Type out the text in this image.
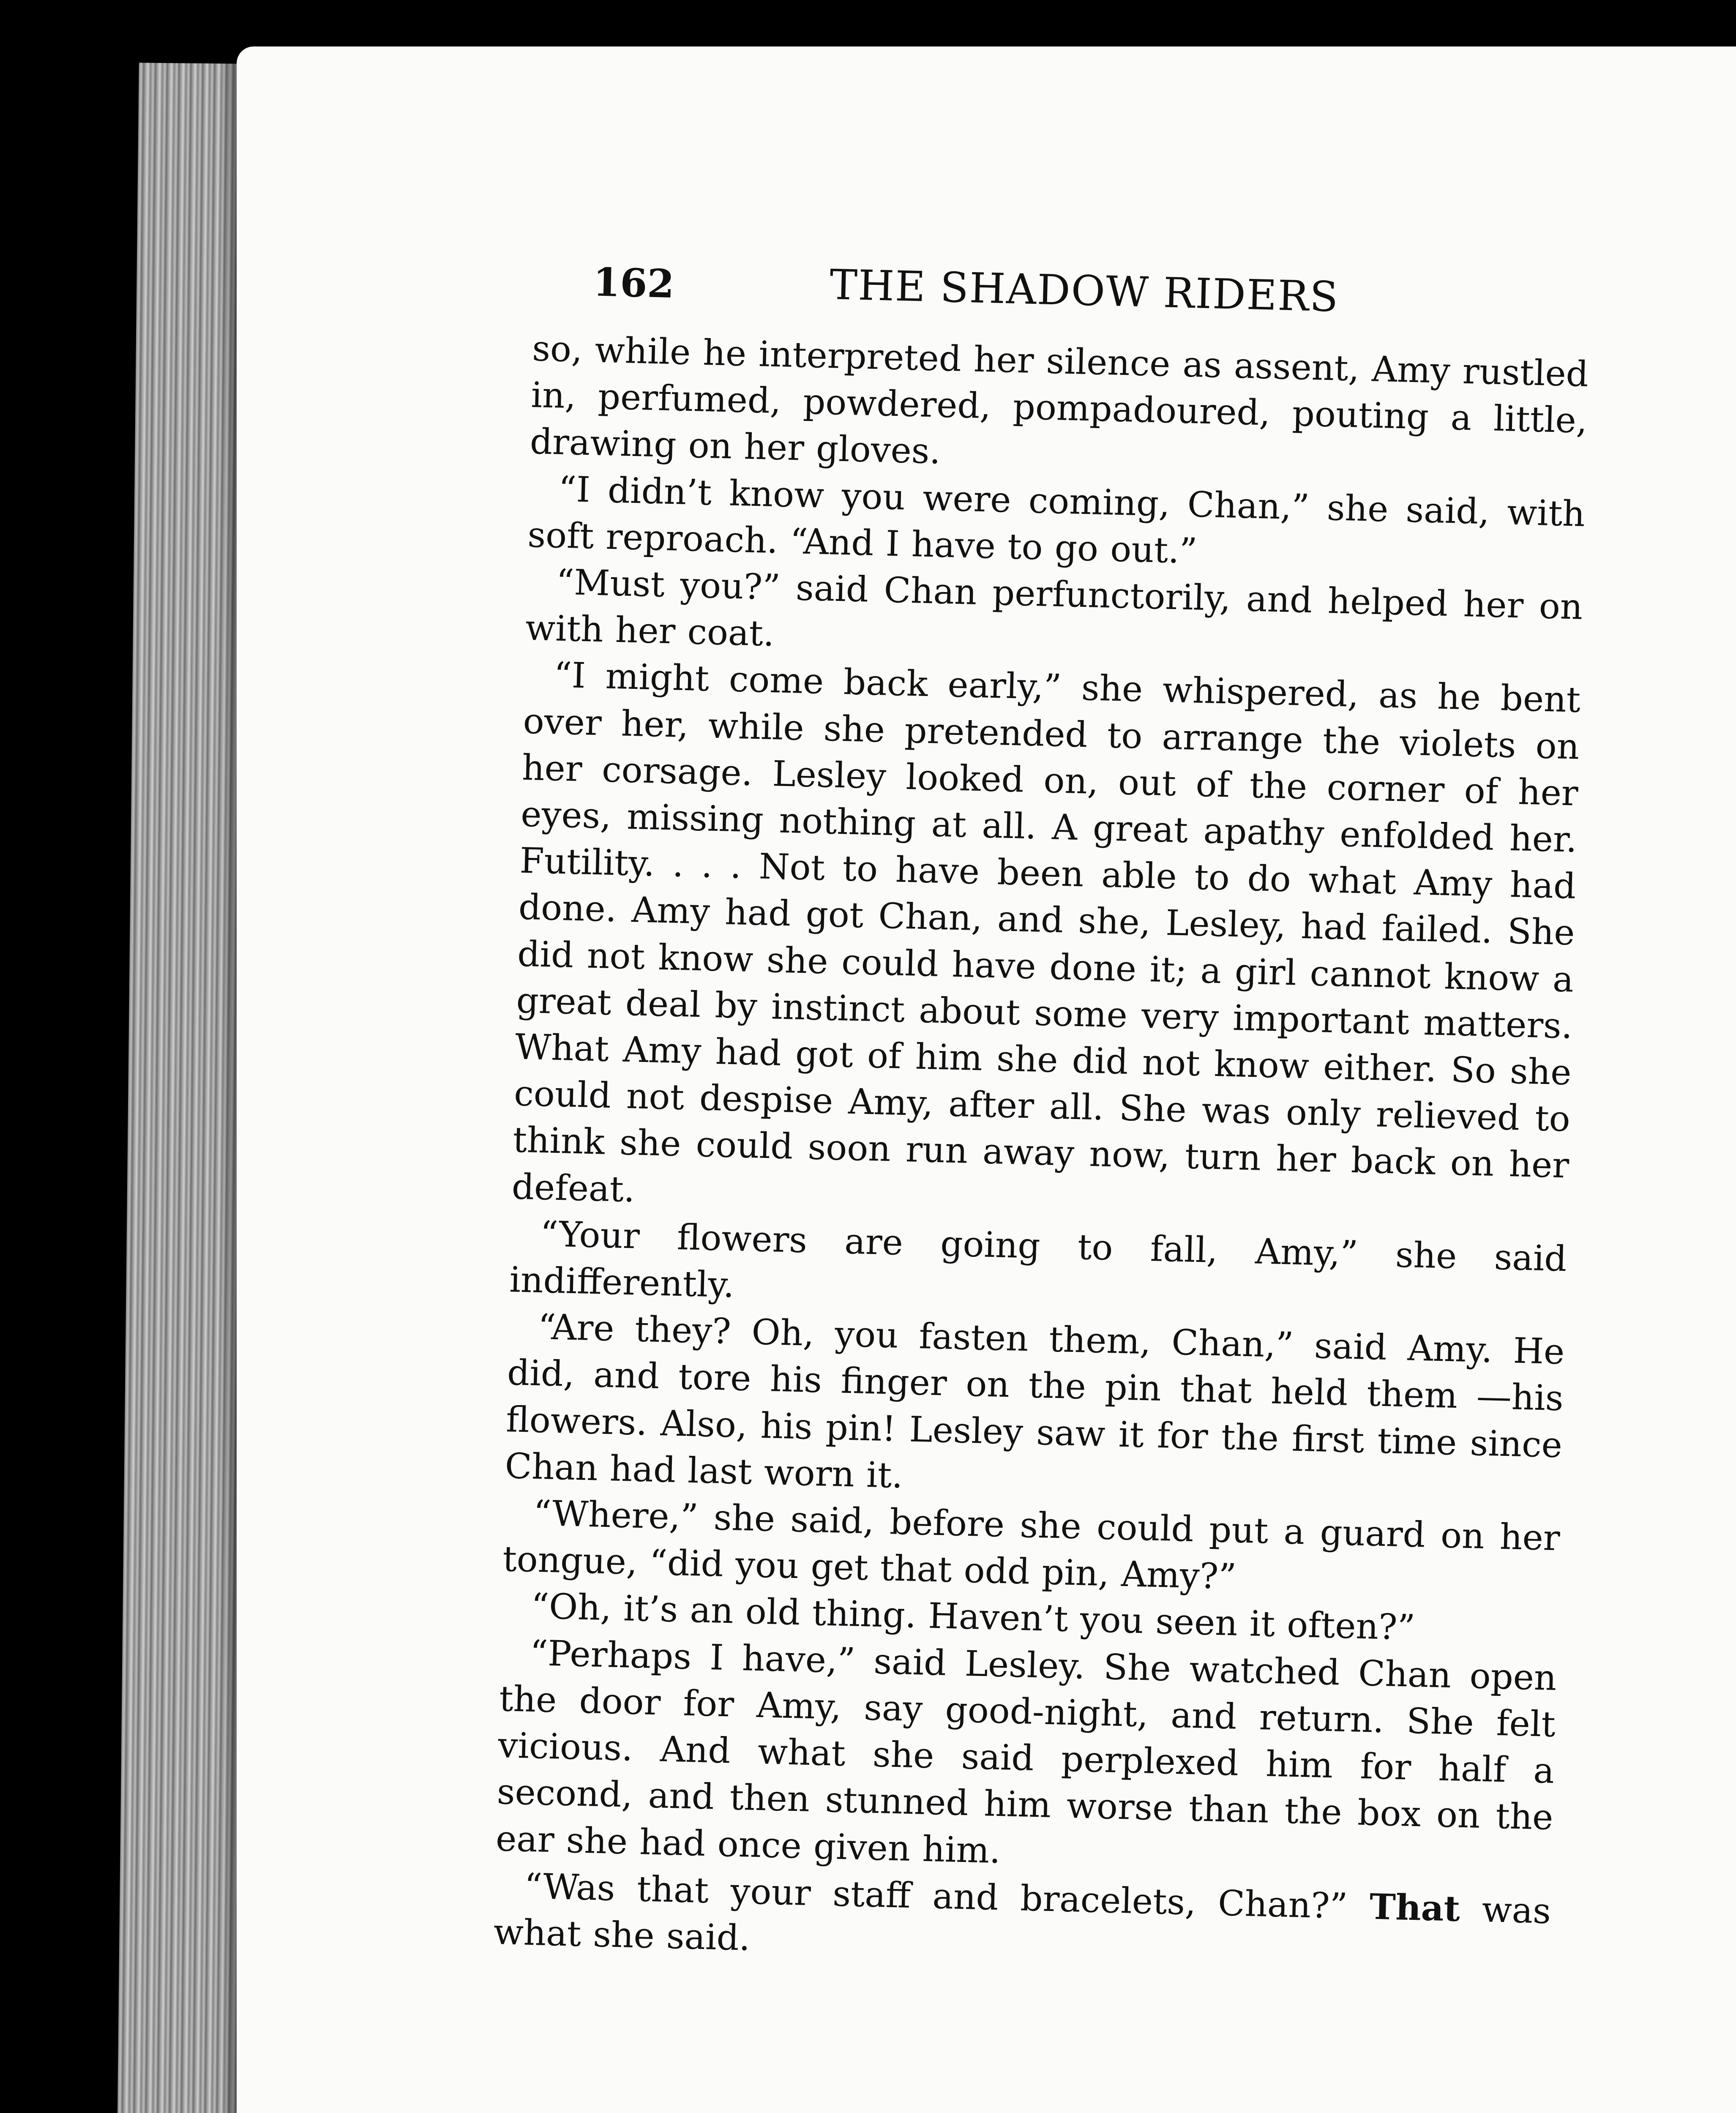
162	THE SHADOW RIDERS

so, while he interpreted her silence as assent, Amy rustled in, perfumed, powdered, pompadoured, pouting a little, drawing on her gloves.

“I didn’t know you were coming, Chan,” she said, with soft reproach. “And I have to go out.”

“Must you?” said Chan perfunctorily, and helped her on with her coat.

“I might come back early,” she whispered, as he bent over her, while she pretended to arrange the violets on her corsage. Lesley looked on, out of the corner of her eyes, missing nothing at all. A great apathy enfolded her. Futility. . . . Not to have been able to do what Amy had done. Amy had got Chan, and she, Lesley, had failed. She did not know she could have done it; a girl cannot know a great deal by instinct about some very important matters. What Amy had got of him she did not know either. So she could not despise Amy, after all. She was only relieved to think she could soon run away now, turn her back on her defeat.

“Your flowers are going to fall, Amy,” she said indifferently.

“Are they? Oh, you fasten them, Chan,” said Amy. He did, and tore his finger on the pin that held them —his flowers. Also, his pin! Lesley saw it for the first time since Chan had last worn it.

“Where,” she said, before she could put a guard on her tongue, “did you get that odd pin, Amy?”

“Oh, it’s an old thing. Haven’t you seen it often?”

“Perhaps I have,” said Lesley. She watched Chan open the door for Amy, say good-night, and return. She felt vicious. And what she said perplexed him for half a second, and then stunned him worse than the box on the ear she had once given him.

“Was that your staff and bracelets, Chan?” That was what she said.
